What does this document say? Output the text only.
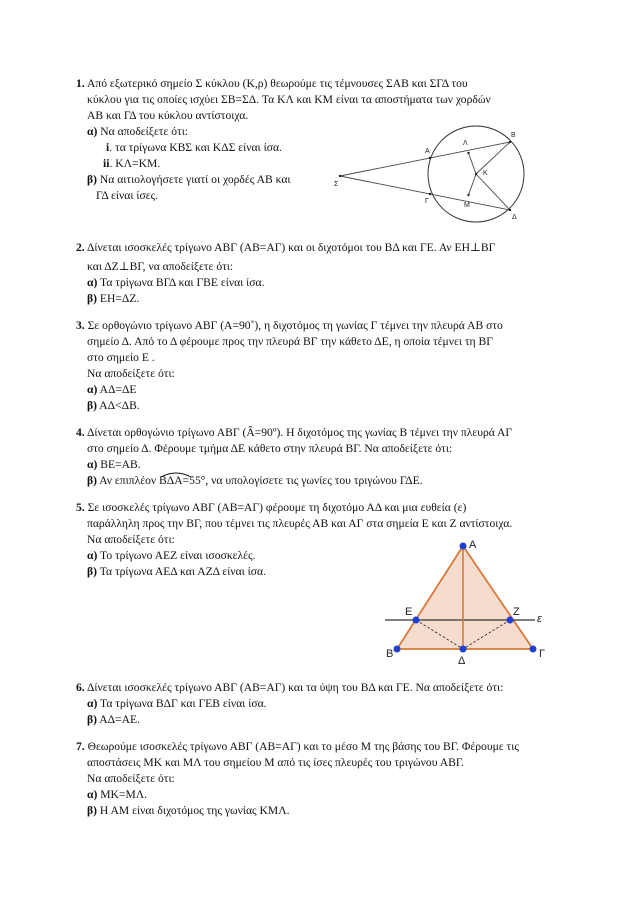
1. Από εξωτερικό σημείο Σ κύκλου (Κ,ρ) θεωρούμε τις τέμνουσες ΣΑΒ και ΣΓΔ του
κύκλου για τις οποίες ισχύει ΣΒ=ΣΔ. Τα ΚΛ και ΚΜ είναι τα αποστήματα των χορδών
ΑΒ και ΓΔ του κύκλου αντίστοιχα.
α) Να αποδείξετε ότι:
i. τα τρίγωνα ΚΒΣ και ΚΔΣ είναι ίσα.
ii. ΚΛ=ΚΜ.
β) Να αιτιολογήσετε γιατί οι χορδές ΑΒ και
ΓΔ είναι ίσες.
Σ
Α
Λ
Β
Κ
Γ
Μ
Δ
2. Δίνεται ισοσκελές τρίγωνο ΑΒΓ (ΑΒ=ΑΓ) και οι διχοτόμοι του ΒΔ και ΓΕ. Αν ΕΗ⊥ΒΓ
και ΔΖ⊥ΒΓ, να αποδείξετε ότι:
α) Τα τρίγωνα ΒΓΔ και ΓΒΕ είναι ίσα.
β) ΕΗ=ΔΖ.
3. Σε ορθογώνιο τρίγωνο ΑΒΓ (Α=90˚), η διχοτόμος τη γωνίας Γ τέμνει την πλευρά ΑΒ στο
σημείο Δ. Από το Δ φέρουμε προς την πλευρά ΒΓ την κάθετο ΔΕ, η οποία τέμνει τη ΒΓ
στο σημείο Ε .
Να αποδείξετε ότι:
α) ΑΔ=ΔΕ
β) ΑΔ<ΔΒ.
4. Δίνεται ορθογώνιο τρίγωνο ΑΒΓ (Â=90º). Η διχοτόμος της γωνίας Β τέμνει την πλευρά ΑΓ
στο σημείο Δ. Φέρουμε τμήμα ΔΕ κάθετο στην πλευρά ΒΓ. Να αποδείξετε ότι:
α) ΒΕ=ΑΒ.
β) Αν επιπλέον ΒΔΑ=55°, να υπολογίσετε τις γωνίες του τριγώνου ΓΔΕ.
5. Σε ισοσκελές τρίγωνο ΑΒΓ (ΑΒ=ΑΓ) φέρουμε τη διχοτόμο ΑΔ και μια ευθεία (ε)
παράλληλη προς την ΒΓ, που τέμνει τις πλευρές ΑΒ και ΑΓ στα σημεία Ε και Ζ αντίστοιχα.
Να αποδείξετε ότι:
α) Το τρίγωνο ΑΕΖ είναι ισοσκελές.
β) Τα τρίγωνα ΑΕΔ και ΑΖΔ είναι ίσα.
Α
Ε	Ζ
ε
Β
Δ
Γ
6. Δίνεται ισοσκελές τρίγωνο ΑΒΓ (ΑΒ=ΑΓ) και τα ύψη του ΒΔ και ΓΕ. Να αποδείξετε ότι:
α) Τα τρίγωνα ΒΔΓ και ΓΕΒ είναι ίσα.
β) ΑΔ=ΑΕ.
7. Θεωρούμε ισοσκελές τρίγωνο ΑΒΓ (ΑΒ=ΑΓ) και το μέσο Μ της βάσης του ΒΓ. Φέρουμε τις
αποστάσεις ΜΚ και ΜΛ του σημείου Μ από τις ίσες πλευρές του τριγώνου ΑΒΓ.
Να αποδείξετε ότι:
α) ΜΚ=ΜΛ.
β) Η ΑΜ είναι διχοτόμος της γωνίας ΚΜΛ.
